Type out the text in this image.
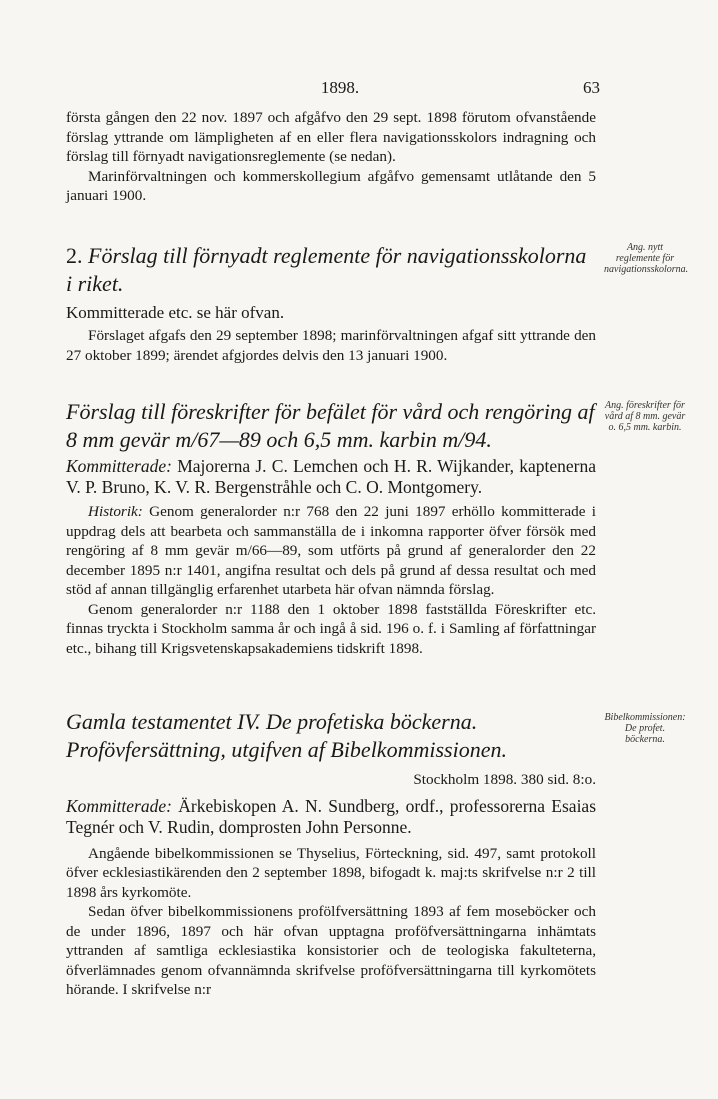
1898.	63

första gången den 22 nov. 1897 och afgåfvo den 29 sept. 1898 förutom ofvanstående förslag yttrande om lämpligheten af en eller flera navigationsskolors indragning och förslag till förnyadt navigationsreglemente (se nedan).

Marinförvaltningen och kommerskollegium afgåfvo gemensamt utlåtande den 5 januari 1900.

2. Förslag till förnyadt reglemente för navigationsskolorna i riket.

Kommitterade etc. se här ofvan.

Förslaget afgafs den 29 september 1898; marinförvaltningen afgaf sitt yttrande den 27 oktober 1899; ärendet afgjordes delvis den 13 januari 1900.

Ang. nytt reglemente för navigationsskolorna.

Förslag till föreskrifter för befälet för vård och rengöring af 8 mm gevär m/67—89 och 6,5 mm. karbin m/94.

Kommitterade: Majorerna J. C. Lemchen och H. R. Wijkander, kaptenerna V. P. Bruno, K. V. R. Bergenstråhle och C. O. Montgomery.

Historik: Genom generalorder n:r 768 den 22 juni 1897 erhöllo kommitterade i uppdrag dels att bearbeta och sammanställa de i inkomna rapporter öfver försök med rengöring af 8 mm gevär m/66—89, som utförts på grund af generalorder den 22 december 1895 n:r 1401, angifna resultat och dels på grund af dessa resultat och med stöd af annan tillgänglig erfarenhet utarbeta här ofvan nämnda förslag.

Genom generalorder n:r 1188 den 1 oktober 1898 fastställda Föreskrifter etc. finnas tryckta i Stockholm samma år och ingå å sid. 196 o. f. i Samling af författningar etc., bihang till Krigsvetenskapsakademiens tidskrift 1898.

Ang. föreskrifter för vård af 8 mm. gevär o. 6,5 mm. karbin.

Gamla testamentet IV. De profetiska böckerna. Profövfersättning, utgifven af Bibelkommissionen.

Stockholm 1898. 380 sid. 8:o.

Kommitterade: Ärkebiskopen A. N. Sundberg, ordf., professorerna Esaias Tegnér och V. Rudin, domprosten John Personne.

Angående bibelkommissionen se Thyselius, Förteckning, sid. 497, samt protokoll öfver ecklesiastikärenden den 2 september 1898, bifogadt k. maj:ts skrifvelse n:r 2 till 1898 års kyrkomöte.

Sedan öfver bibelkommissionens profölfversättning 1893 af fem moseböcker och de under 1896, 1897 och här ofvan upptagna proföfversättningarna inhämtats yttranden af samtliga ecklesiastika konsistorier och de teologiska fakulteterna, öfverlämnades genom ofvannämnda skrifvelse proföfversättningarna till kyrkomötets hörande. I skrifvelse n:r

Bibelkommissionen: De profet. böckerna.
